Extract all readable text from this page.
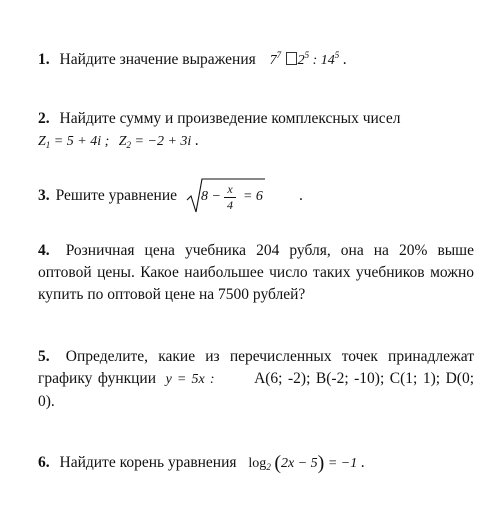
1. Найдите значение выражения $7^7$ $2^5$ : $14^5$ .
2. Найдите сумму и произведение комплексных чисел
$Z_1 = 5 + 4i$ ; $Z_2 = -2 + 3i$ .
3. Решите уравнение $8 - \frac{x}{4} = 6$ .
4. Розничная цена учебника 204 рубля, она на 20% выше оптовой цены. Какое наибольшее число таких учебников можно купить по оптовой цене на 7500 рублей?
5. Определите, какие из перечисленных точек принадлежат графику функции y = 5x :	A(6; -2); B(-2; -10); C(1; 1); D(0; 0).
6. Найдите корень уравнения $\log_2 (2x - 5) = -1$ .
